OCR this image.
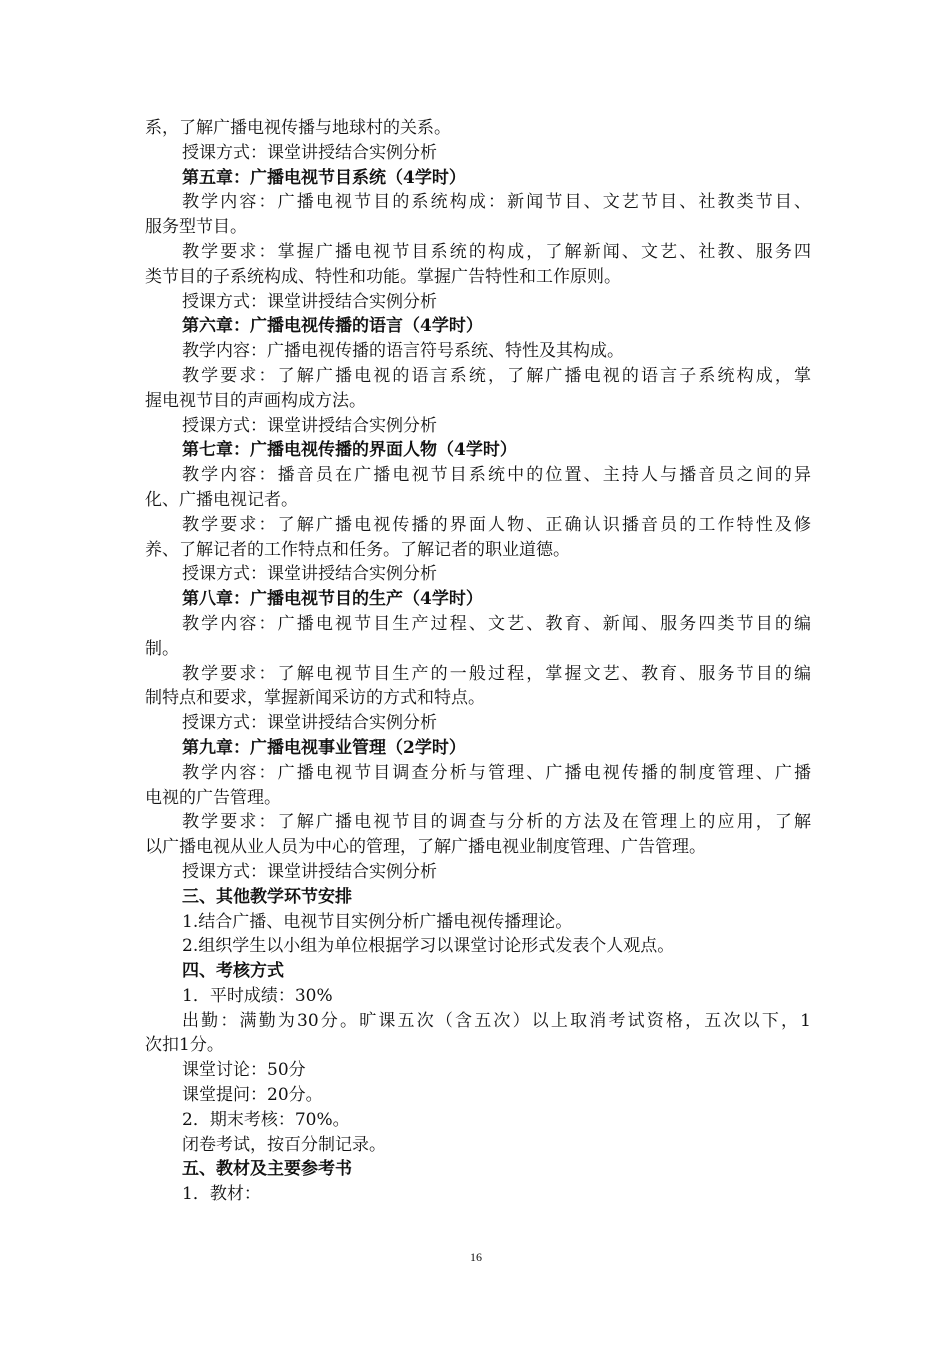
系，了解广播电视传播与地球村的关系。
授课方式：课堂讲授结合实例分析
第五章：广播电视节目系统（4学时）
教学内容：广播电视节目的系统构成：新闻节目、文艺节目、社教类节目、
服务型节目。
教学要求：掌握广播电视节目系统的构成，了解新闻、文艺、社教、服务四
类节目的子系统构成、特性和功能。掌握广告特性和工作原则。
授课方式：课堂讲授结合实例分析
第六章：广播电视传播的语言（4学时）
教学内容：广播电视传播的语言符号系统、特性及其构成。
教学要求：了解广播电视的语言系统，了解广播电视的语言子系统构成，掌
握电视节目的声画构成方法。
授课方式：课堂讲授结合实例分析
第七章：广播电视传播的界面人物（4学时）
教学内容：播音员在广播电视节目系统中的位置、主持人与播音员之间的异
化、广播电视记者。
教学要求：了解广播电视传播的界面人物、正确认识播音员的工作特性及修
养、了解记者的工作特点和任务。了解记者的职业道德。
授课方式：课堂讲授结合实例分析
第八章：广播电视节目的生产（4学时）
教学内容：广播电视节目生产过程、文艺、教育、新闻、服务四类节目的编
制。
教学要求：了解电视节目生产的一般过程，掌握文艺、教育、服务节目的编
制特点和要求，掌握新闻采访的方式和特点。
授课方式：课堂讲授结合实例分析
第九章：广播电视事业管理（2学时）
教学内容：广播电视节目调查分析与管理、广播电视传播的制度管理、广播
电视的广告管理。
教学要求：了解广播电视节目的调查与分析的方法及在管理上的应用，了解
以广播电视从业人员为中心的管理，了解广播电视业制度管理、广告管理。
授课方式：课堂讲授结合实例分析
三、其他教学环节安排
1.结合广播、电视节目实例分析广播电视传播理论。
2.组织学生以小组为单位根据学习以课堂讨论形式发表个人观点。
四、考核方式
1．平时成绩：30%
出勤：满勤为30分。旷课五次（含五次）以上取消考试资格，五次以下，1
次扣1分。
课堂讨论：50分
课堂提问：20分。
2．期末考核：70%。
闭卷考试，按百分制记录。
五、教材及主要参考书
1．教材：
16
